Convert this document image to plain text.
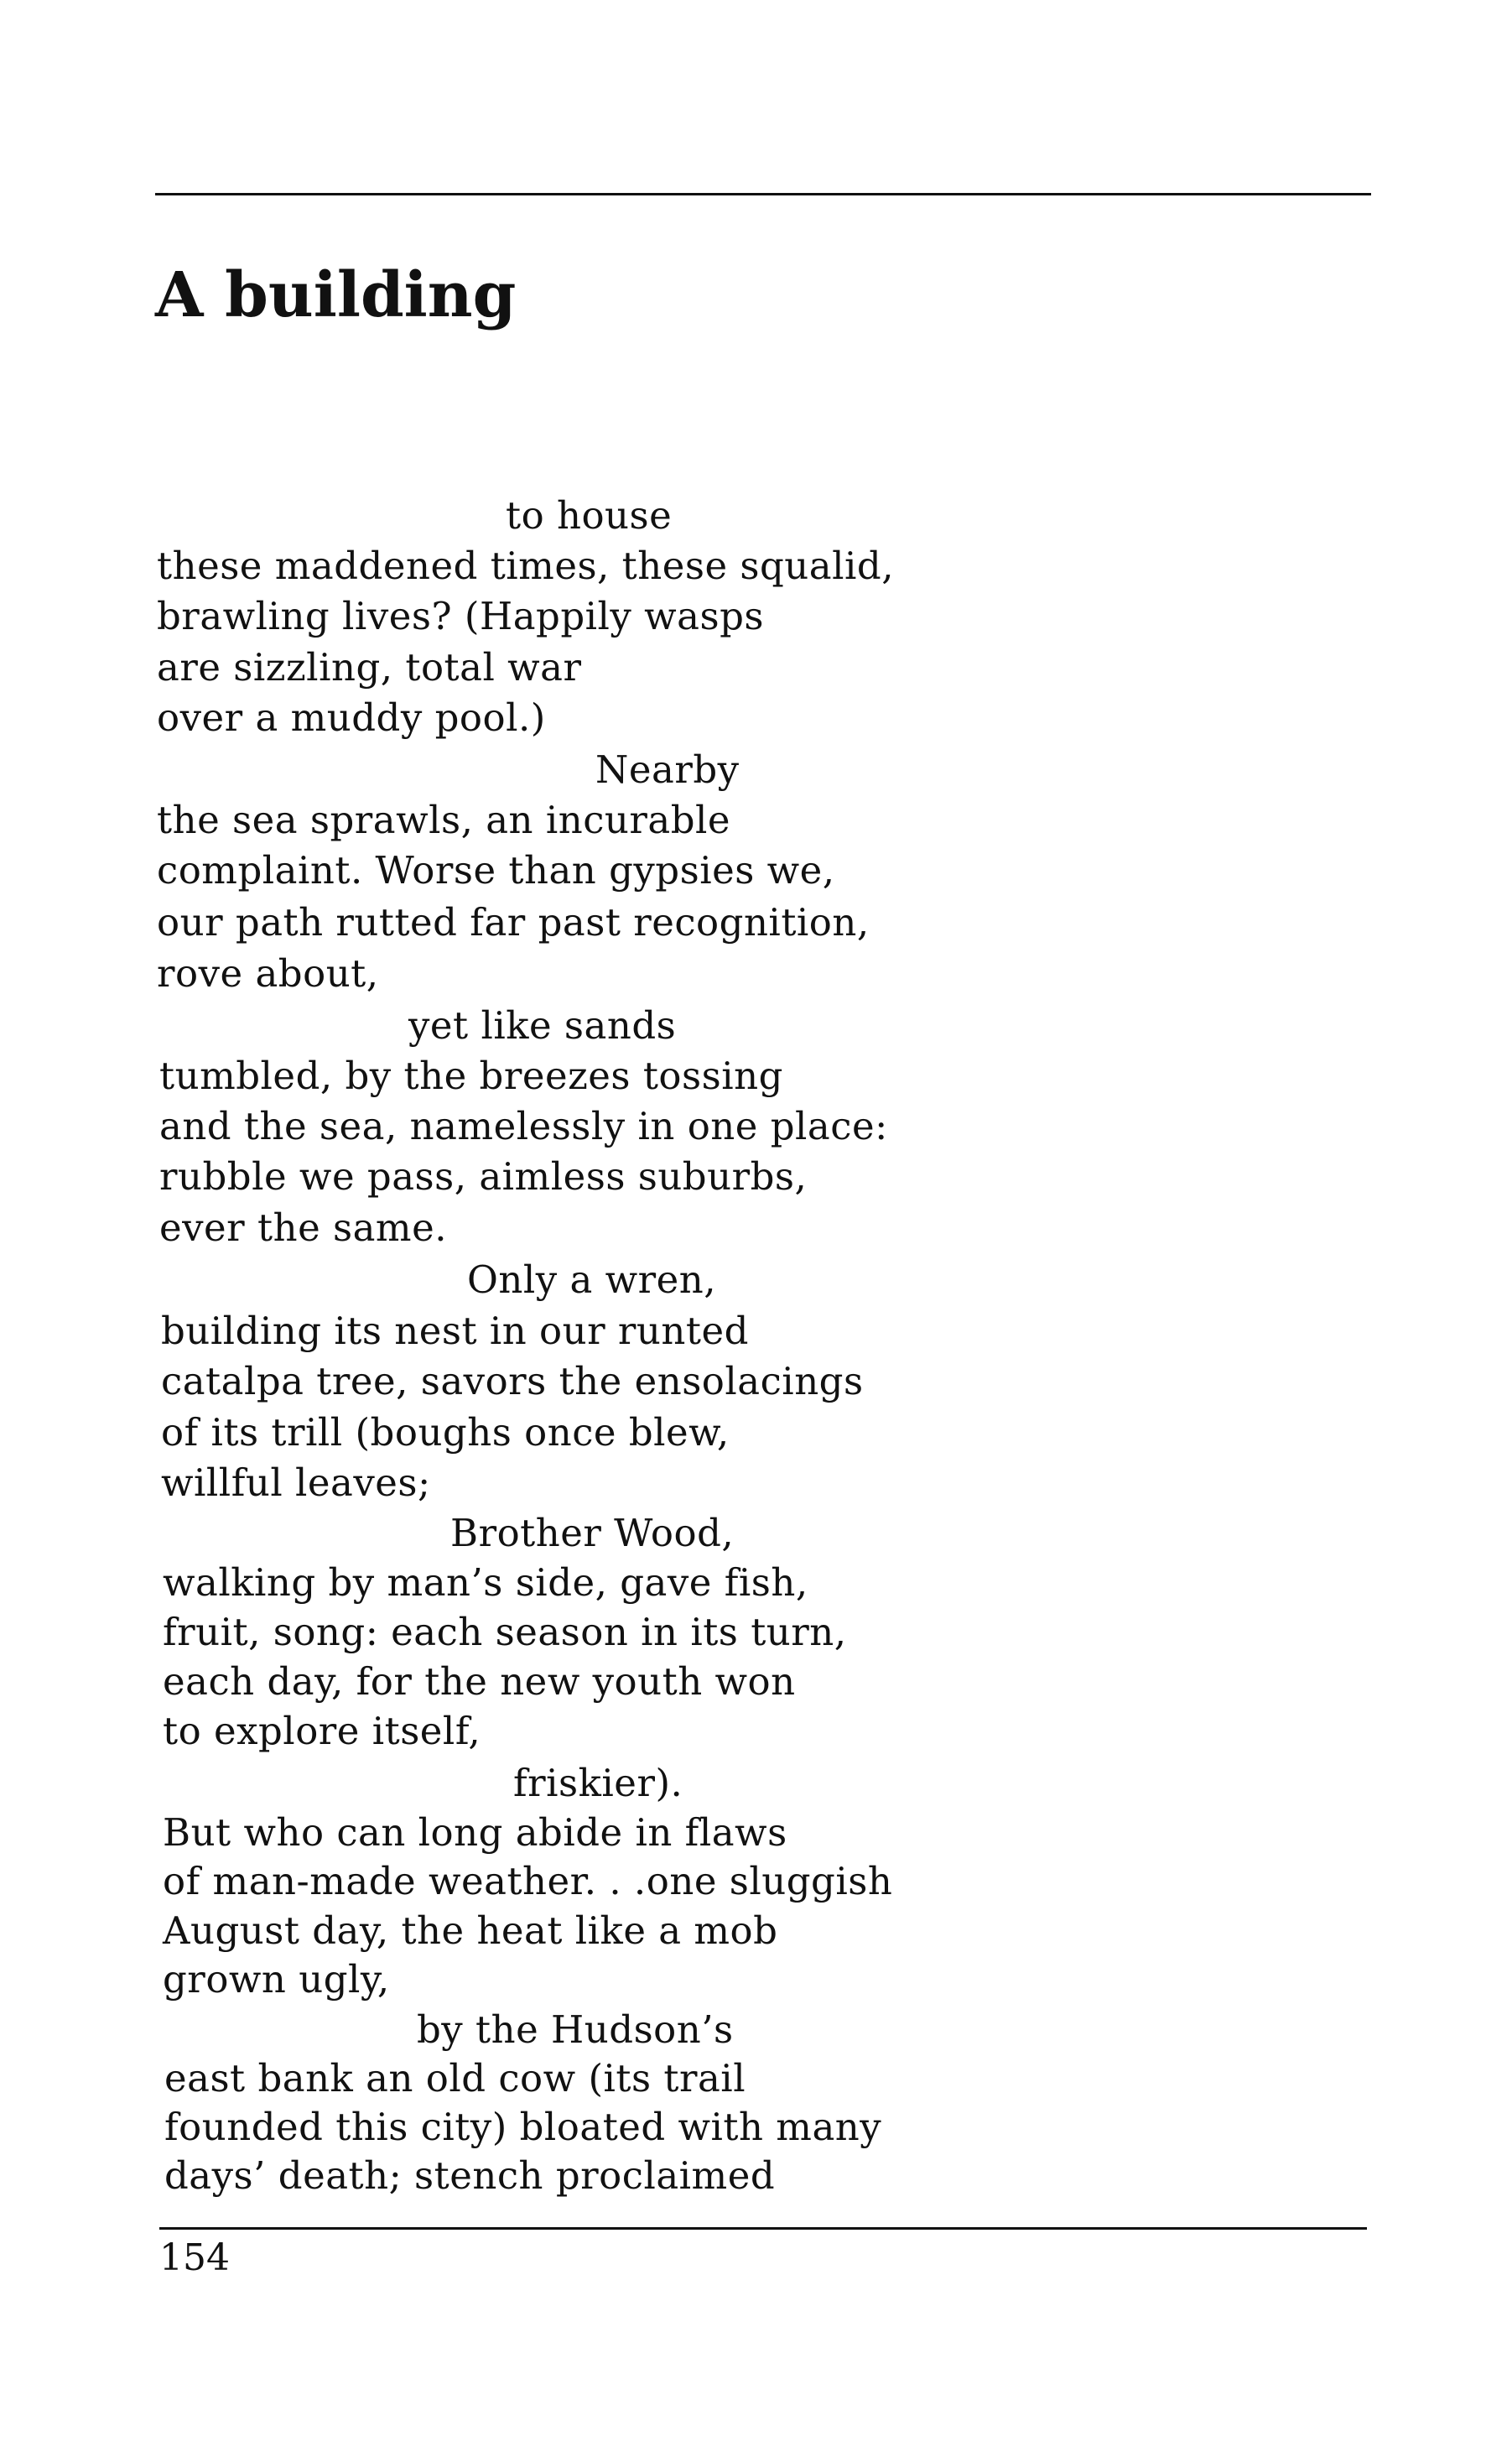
A building
to house
these maddened times, these squalid,
brawling lives? (Happily wasps
are sizzling, total war
over a muddy pool.)
Nearby
the sea sprawls, an incurable
complaint. Worse than gypsies we,
our path rutted far past recognition,
rove about,
yet like sands
tumbled, by the breezes tossing
and the sea, namelessly in one place:
rubble we pass, aimless suburbs,
ever the same.
Only a wren,
building its nest in our runted
catalpa tree, savors the ensolacings
of its trill (boughs once blew,
willful leaves;
Brother Wood,
walking by man’s side, gave fish,
fruit, song: each season in its turn,
each day, for the new youth won
to explore itself,
friskier).
But who can long abide in flaws
of man-made weather. . .one sluggish
August day, the heat like a mob
grown ugly,
by the Hudson’s
east bank an old cow (its trail
founded this city) bloated with many
days’ death; stench proclaimed
154
